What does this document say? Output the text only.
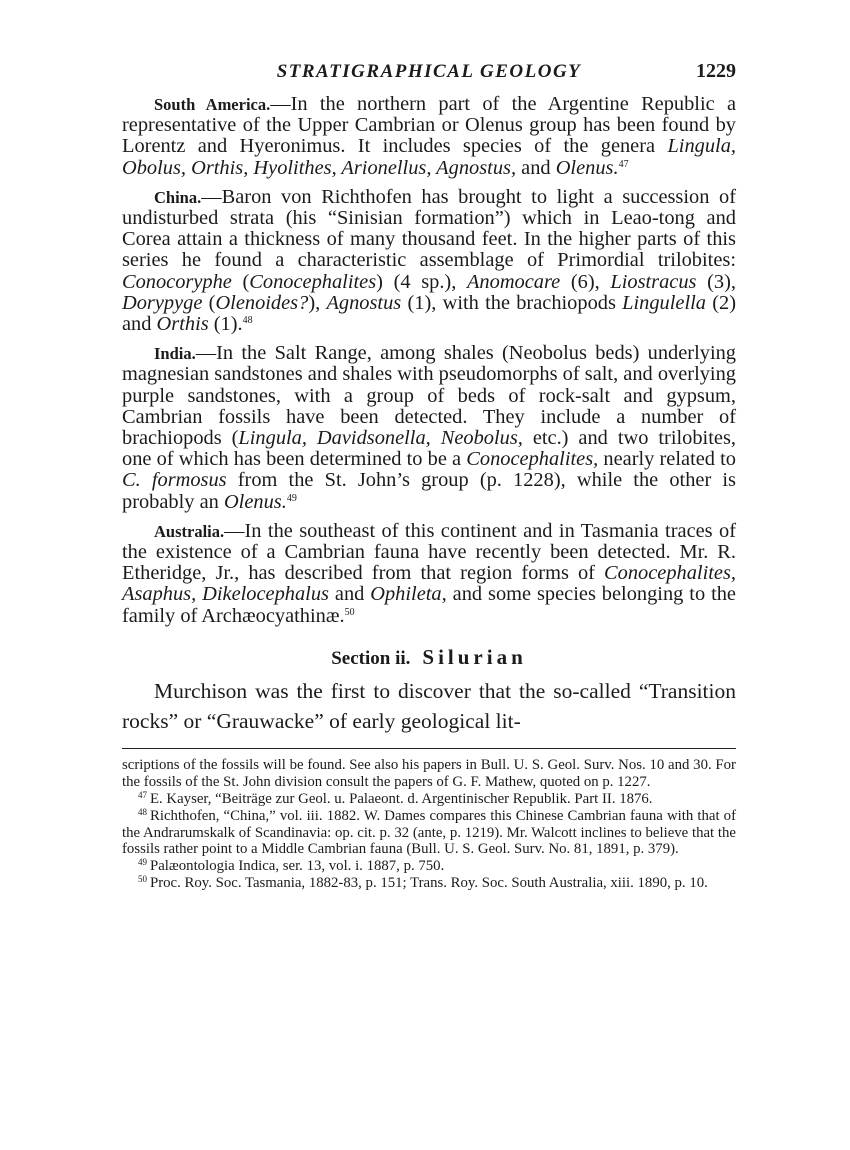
STRATIGRAPHICAL GEOLOGY	1229

South America.—In the northern part of the Argentine Republic a representative of the Upper Cambrian or Olenus group has been found by Lorentz and Hyeronimus. It includes species of the genera Lingula, Obolus, Orthis, Hyolithes, Arionellus, Agnostus, and Olenus.$^{47}$

China.—Baron von Richthofen has brought to light a succession of undisturbed strata (his “Sinisian formation”) which in Leao-tong and Corea attain a thickness of many thousand feet. In the higher parts of this series he found a characteristic assemblage of Primordial trilobites: Conocoryphe (Conocephalites) (4 sp.), Anomocare (6), Liostracus (3), Dorypyge (Olenoides?), Agnostus (1), with the brachiopods Lingulella (2) and Orthis (1).$^{48}$

India.—In the Salt Range, among shales (Neobolus beds) underlying magnesian sandstones and shales with pseudomorphs of salt, and overlying purple sandstones, with a group of beds of rock-salt and gypsum, Cambrian fossils have been detected. They include a number of brachiopods (Lingula, Davidsonella, Neobolus, etc.) and two trilobites, one of which has been determined to be a Conocephalites, nearly related to C. formosus from the St. John’s group (p. 1228), while the other is probably an Olenus.$^{49}$

Australia.—In the southeast of this continent and in Tasmania traces of the existence of a Cambrian fauna have recently been detected. Mr. R. Etheridge, Jr., has described from that region forms of Conocephalites, Asaphus, Dikelocephalus and Ophileta, and some species belonging to the family of Archæocyathinæ.$^{50}$

Section ii. Silurian

Murchison was the first to discover that the so-called “Transition rocks” or “Grauwacke” of early geological lit-

scriptions of the fossils will be found. See also his papers in Bull. U. S. Geol. Surv. Nos. 10 and 30. For the fossils of the St. John division consult the papers of G. F. Mathew, quoted on p. 1227.

$^{47}$ E. Kayser, “Beiträge zur Geol. u. Palaeont. d. Argentinischer Republik. Part II. 1876.

$^{48}$ Richthofen, “China,” vol. iii. 1882. W. Dames compares this Chinese Cambrian fauna with that of the Andrarumskalk of Scandinavia: op. cit. p. 32 (ante, p. 1219). Mr. Walcott inclines to believe that the fossils rather point to a Middle Cambrian fauna (Bull. U. S. Geol. Surv. No. 81, 1891, p. 379).

$^{49}$ Palæontologia Indica, ser. 13, vol. i. 1887, p. 750.

$^{50}$ Proc. Roy. Soc. Tasmania, 1882-83, p. 151; Trans. Roy. Soc. South Australia, xiii. 1890, p. 10.
